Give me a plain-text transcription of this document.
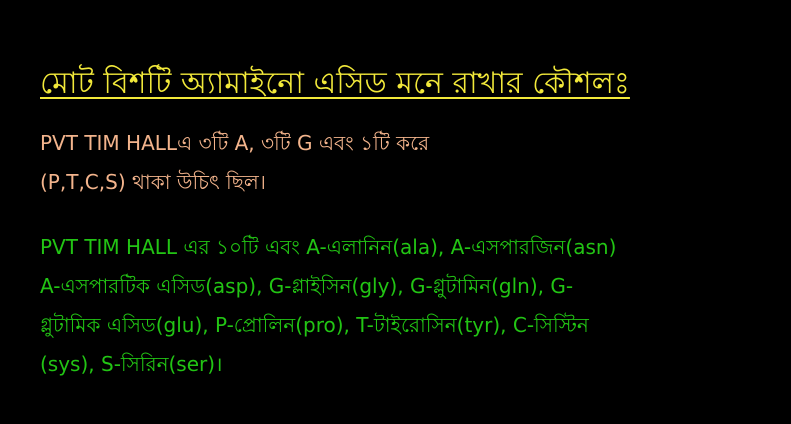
মোট বিশটি অ্যামাইনো এসিড মনে রাখার কৌশলঃ
PVT TIM HALLএ ৩টি A, ৩টি G এবং ১টি করে
(P,T,C,S) থাকা উচিৎ ছিল।
PVT TIM HALL এর ১০টি এবং A-এলানিন(ala), A-এসপারজিন(asn)
A-এসপারটিক এসিড(asp), G-গ্লাইসিন(gly), G-গ্লুটামিন(gln), G-
গ্লুটামিক এসিড(glu), P-প্রোলিন(pro), T-টাইরোসিন(tyr), C-সিস্টিন
(sys), S-সিরিন(ser)।
